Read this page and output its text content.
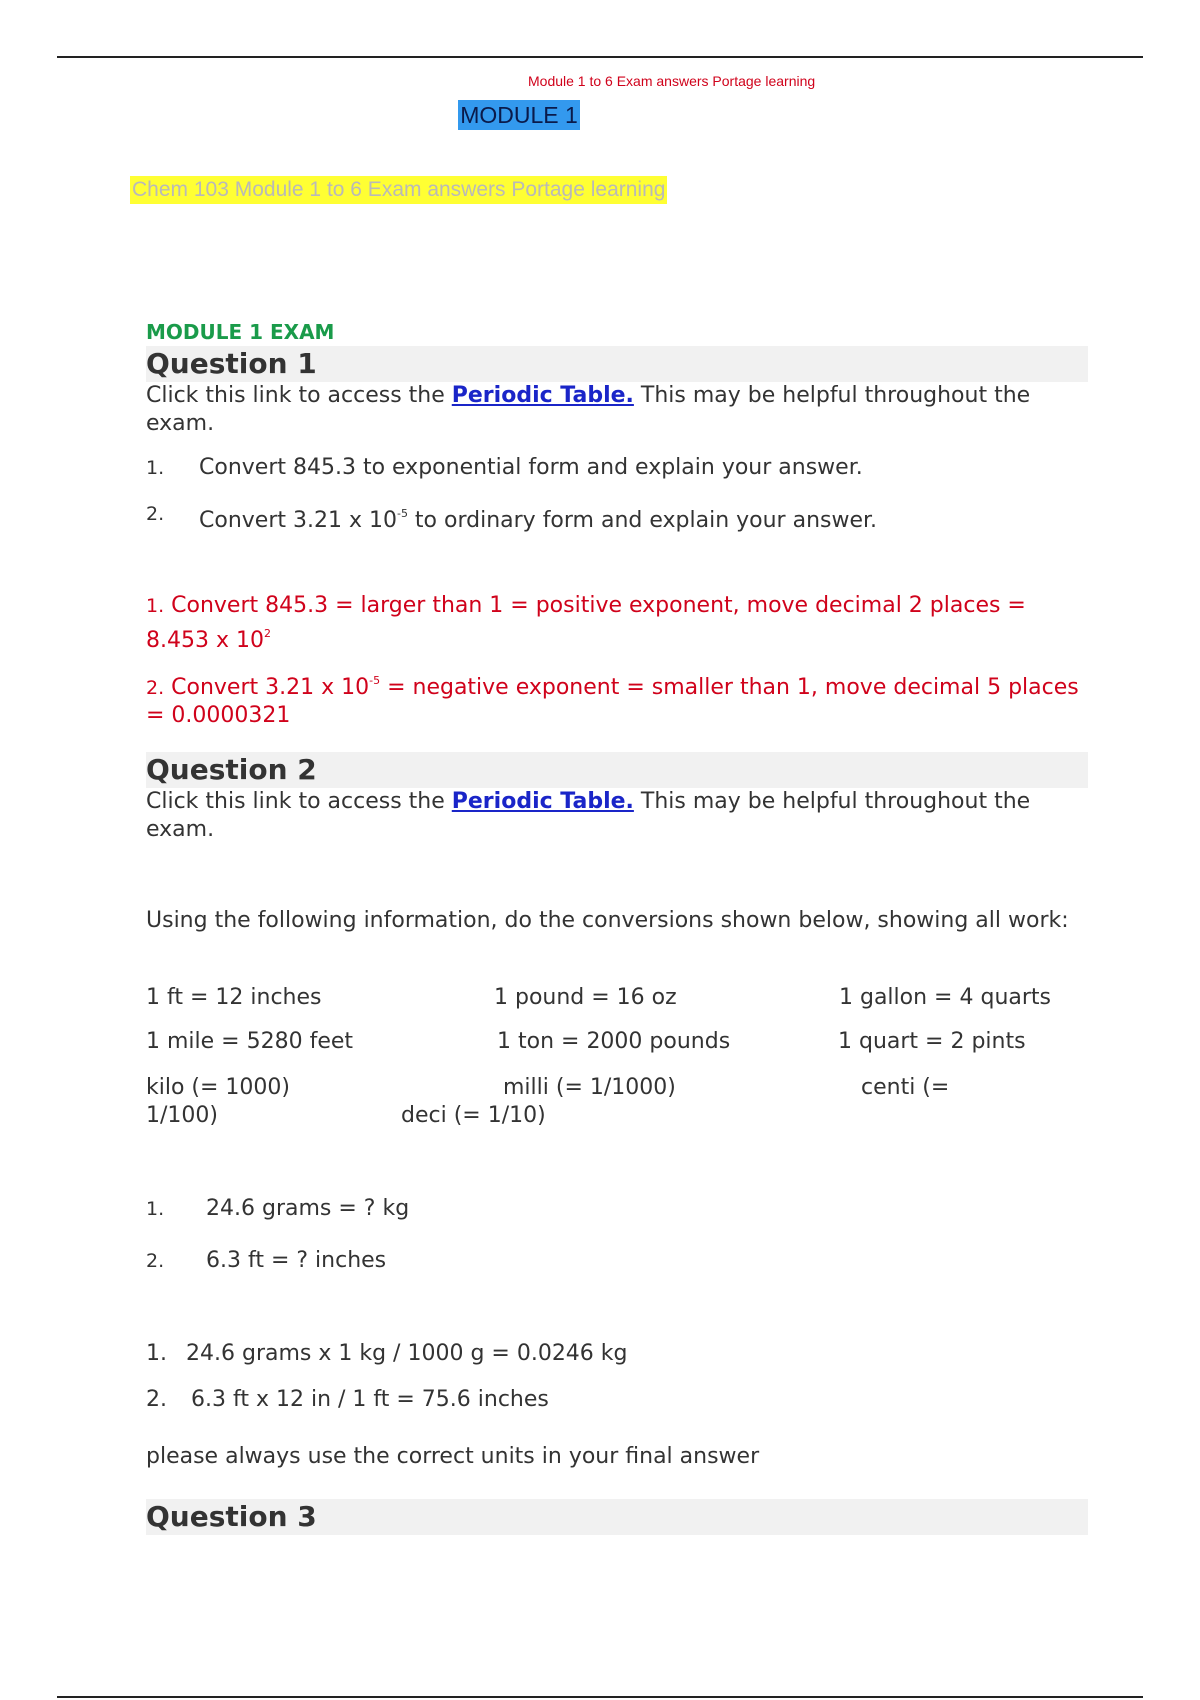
Module 1 to 6 Exam answers Portage learning
MODULE 1
Chem 103 Module 1 to 6 Exam answers Portage learning
MODULE 1 EXAM
Question 1
Click this link to access the Periodic Table. This may be helpful throughout the exam.
1. Convert 845.3 to exponential form and explain your answer.
2. Convert 3.21 x $10^{-5}$ to ordinary form and explain your answer.
1. Convert 845.3 = larger than 1 = positive exponent, move decimal 2 places = 8.453 x $10^2$
2. Convert 3.21 x $10^{-5}$ = negative exponent = smaller than 1, move decimal 5 places = 0.0000321
Question 2
Click this link to access the Periodic Table. This may be helpful throughout the exam.
Using the following information, do the conversions shown below, showing all work:
1 ft = 12 inches	1 pound = 16 oz	1 gallon = 4 quarts
1 mile = 5280 feet	1 ton = 2000 pounds	1 quart = 2 pints
kilo (= 1000)	milli (= 1/1000)	centi (=
1/100)	deci (= 1/10)
1. 24.6 grams = ? kg
2. 6.3 ft = ? inches
1. 24.6 grams x 1 kg / 1000 g = 0.0246 kg
2. 6.3 ft x 12 in / 1 ft = 75.6 inches
please always use the correct units in your final answer
Question 3
